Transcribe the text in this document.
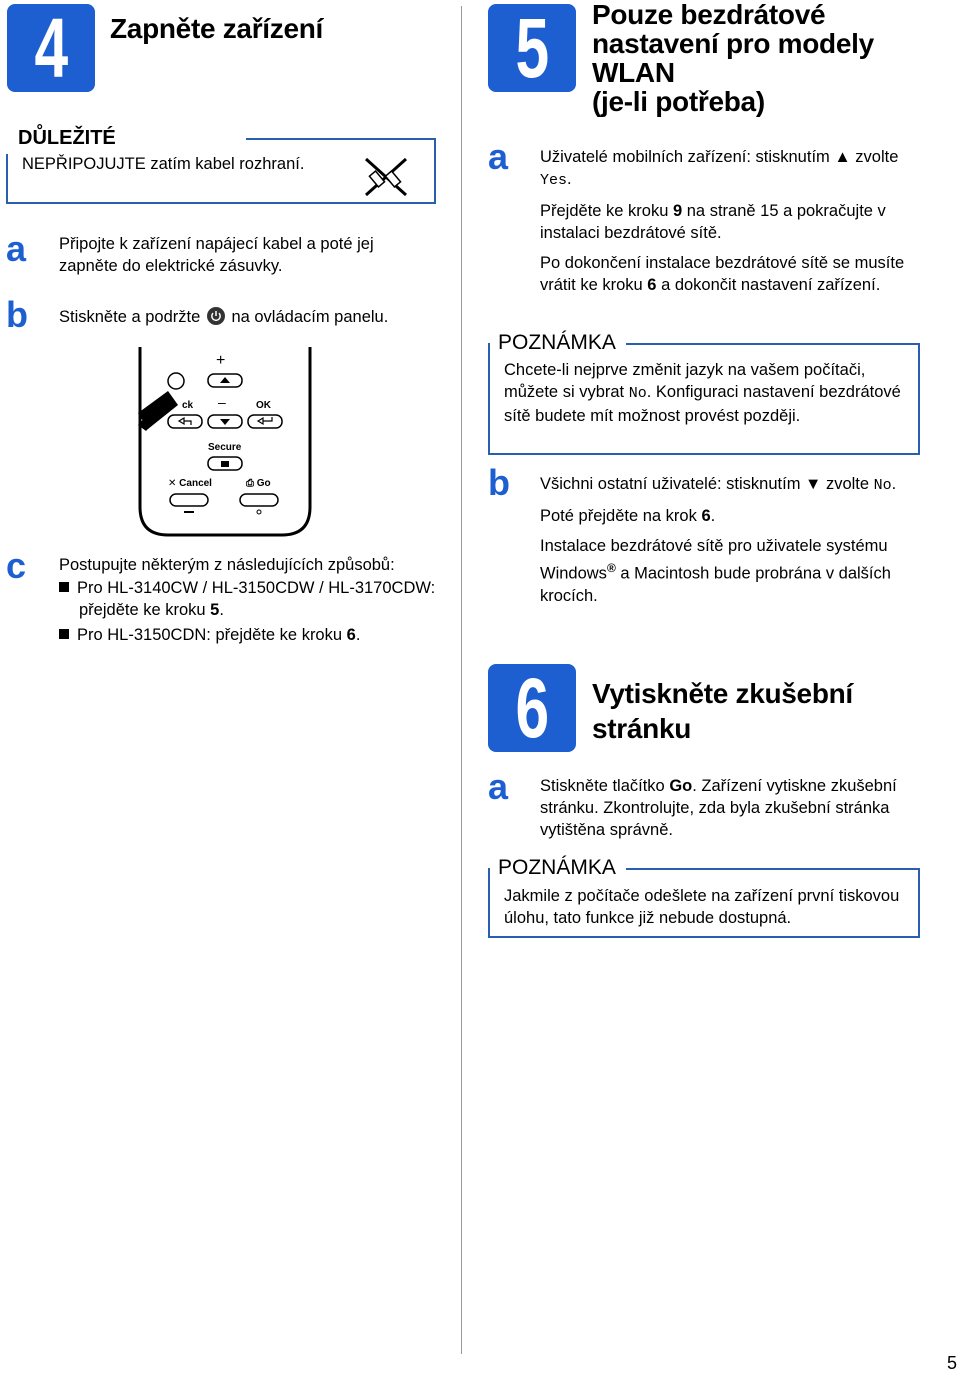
4	Zapněte zařízení
DŮLEŽITÉ
NEPŘIPOJUJTE zatím kabel rozhraní.
a Připojte k zařízení napájecí kabel a poté jej zapněte do elektrické zásuvky.
b Stiskněte a podržte na ovládacím panelu.
+
–
ck	OK
Secure
✕ Cancel	⎙ Go
c Postupujte některým z následujících způsobů:
Pro HL-3140CW / HL-3150CDW / HL-3170CDW: přejděte ke kroku 5.
Pro HL-3150CDN: přejděte ke kroku 6.
5	Pouze bezdrátové
nastavení pro modely
WLAN
(je-li potřeba)
a Uživatelé mobilních zařízení: stisknutím ▲ zvolte Yes.

Přejděte ke kroku 9 na straně 15 a pokračujte v instalaci bezdrátové sítě.

Po dokončení instalace bezdrátové sítě se musíte vrátit ke kroku 6 a dokončit nastavení zařízení.

POZNÁMKA
Chcete-li nejprve změnit jazyk na vašem počítači, můžete si vybrat No. Konfiguraci nastavení bezdrátové sítě budete mít možnost provést později.
b Všichni ostatní uživatelé: stisknutím ▼ zvolte No.

Poté přejděte na krok 6.

Instalace bezdrátové sítě pro uživatele systému Windows® a Macintosh bude probrána v dalších krocích.

6	Vytiskněte zkušební
stránku
a Stiskněte tlačítko Go. Zařízení vytiskne zkušební stránku. Zkontrolujte, zda byla zkušební stránka vytištěna správně.
POZNÁMKA
Jakmile z počítače odešlete na zařízení první tiskovou úlohu, tato funkce již nebude dostupná.
5
